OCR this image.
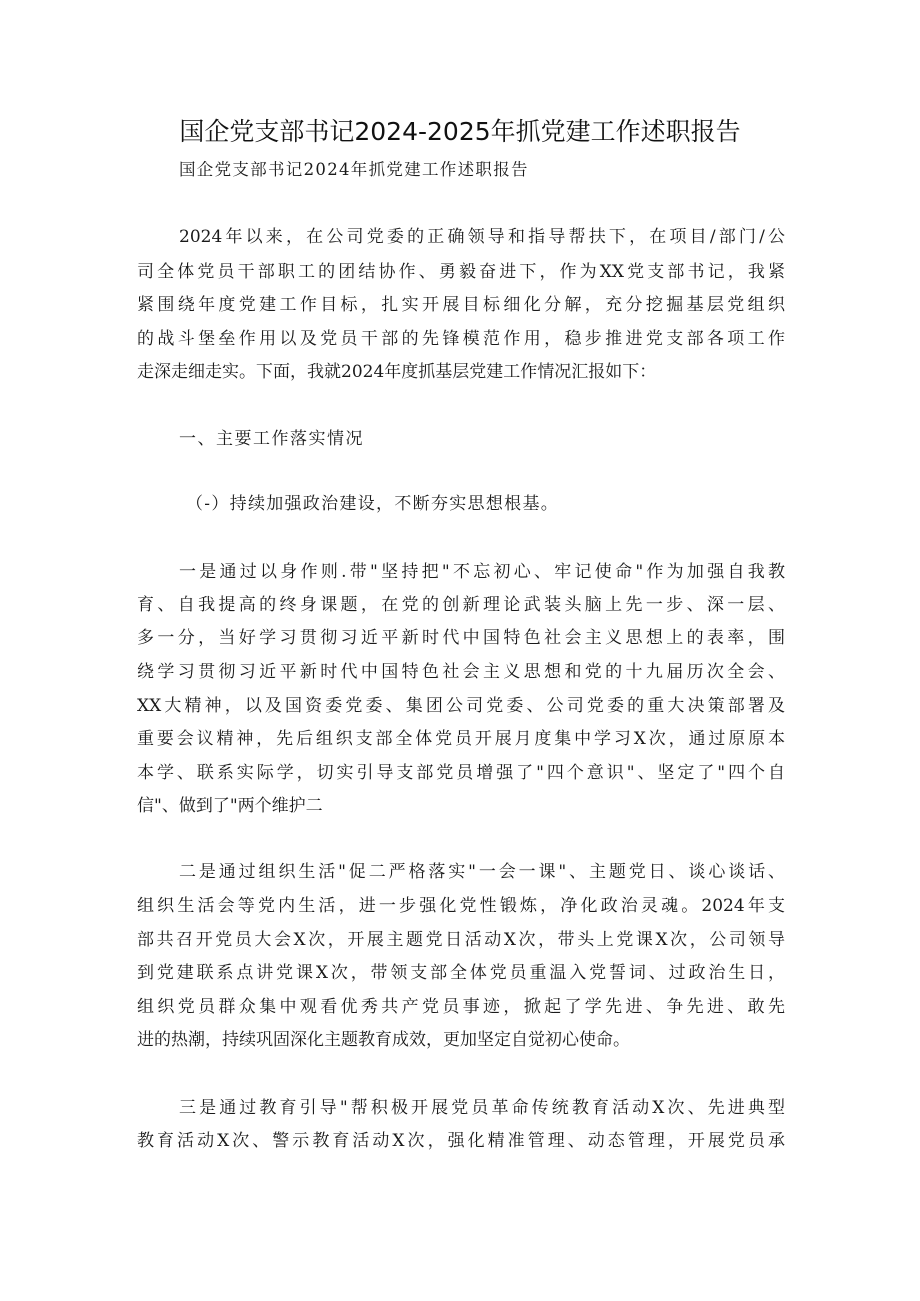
国企党支部书记2024-2025年抓党建工作述职报告
国企党支部书记2024年抓党建工作述职报告
2024年以来，在公司党委的正确领导和指导帮扶下，在项目/部门/公
司全体党员干部职工的团结协作、勇毅奋进下，作为XX党支部书记，我紧
紧围绕年度党建工作目标，扎实开展目标细化分解，充分挖掘基层党组织
的战斗堡垒作用以及党员干部的先锋模范作用，稳步推进党支部各项工作
走深走细走实。下面，我就2024年度抓基层党建工作情况汇报如下：
一、主要工作落实情况
（-）持续加强政治建设，不断夯实思想根基。
一是通过以身作则.带"坚持把"不忘初心、牢记使命"作为加强自我教
育、自我提高的终身课题，在党的创新理论武装头脑上先一步、深一层、
多一分，当好学习贯彻习近平新时代中国特色社会主义思想上的表率，围
绕学习贯彻习近平新时代中国特色社会主义思想和党的十九届历次全会、
XX大精神，以及国资委党委、集团公司党委、公司党委的重大决策部署及
重要会议精神，先后组织支部全体党员开展月度集中学习X次，通过原原本
本学、联系实际学，切实引导支部党员增强了"四个意识"、坚定了"四个自
信"、做到了"两个维护二
二是通过组织生活"促二严格落实"一会一课"、主题党日、谈心谈话、
组织生活会等党内生活，进一步强化党性锻炼，净化政治灵魂。2024年支
部共召开党员大会X次，开展主题党日活动X次，带头上党课X次，公司领导
到党建联系点讲党课X次，带领支部全体党员重温入党誓词、过政治生日，
组织党员群众集中观看优秀共产党员事迹，掀起了学先进、争先进、敢先
进的热潮，持续巩固深化主题教育成效，更加坚定自觉初心使命。
三是通过教育引导"帮积极开展党员革命传统教育活动X次、先进典型
教育活动X次、警示教育活动X次，强化精准管理、动态管理，开展党员承
